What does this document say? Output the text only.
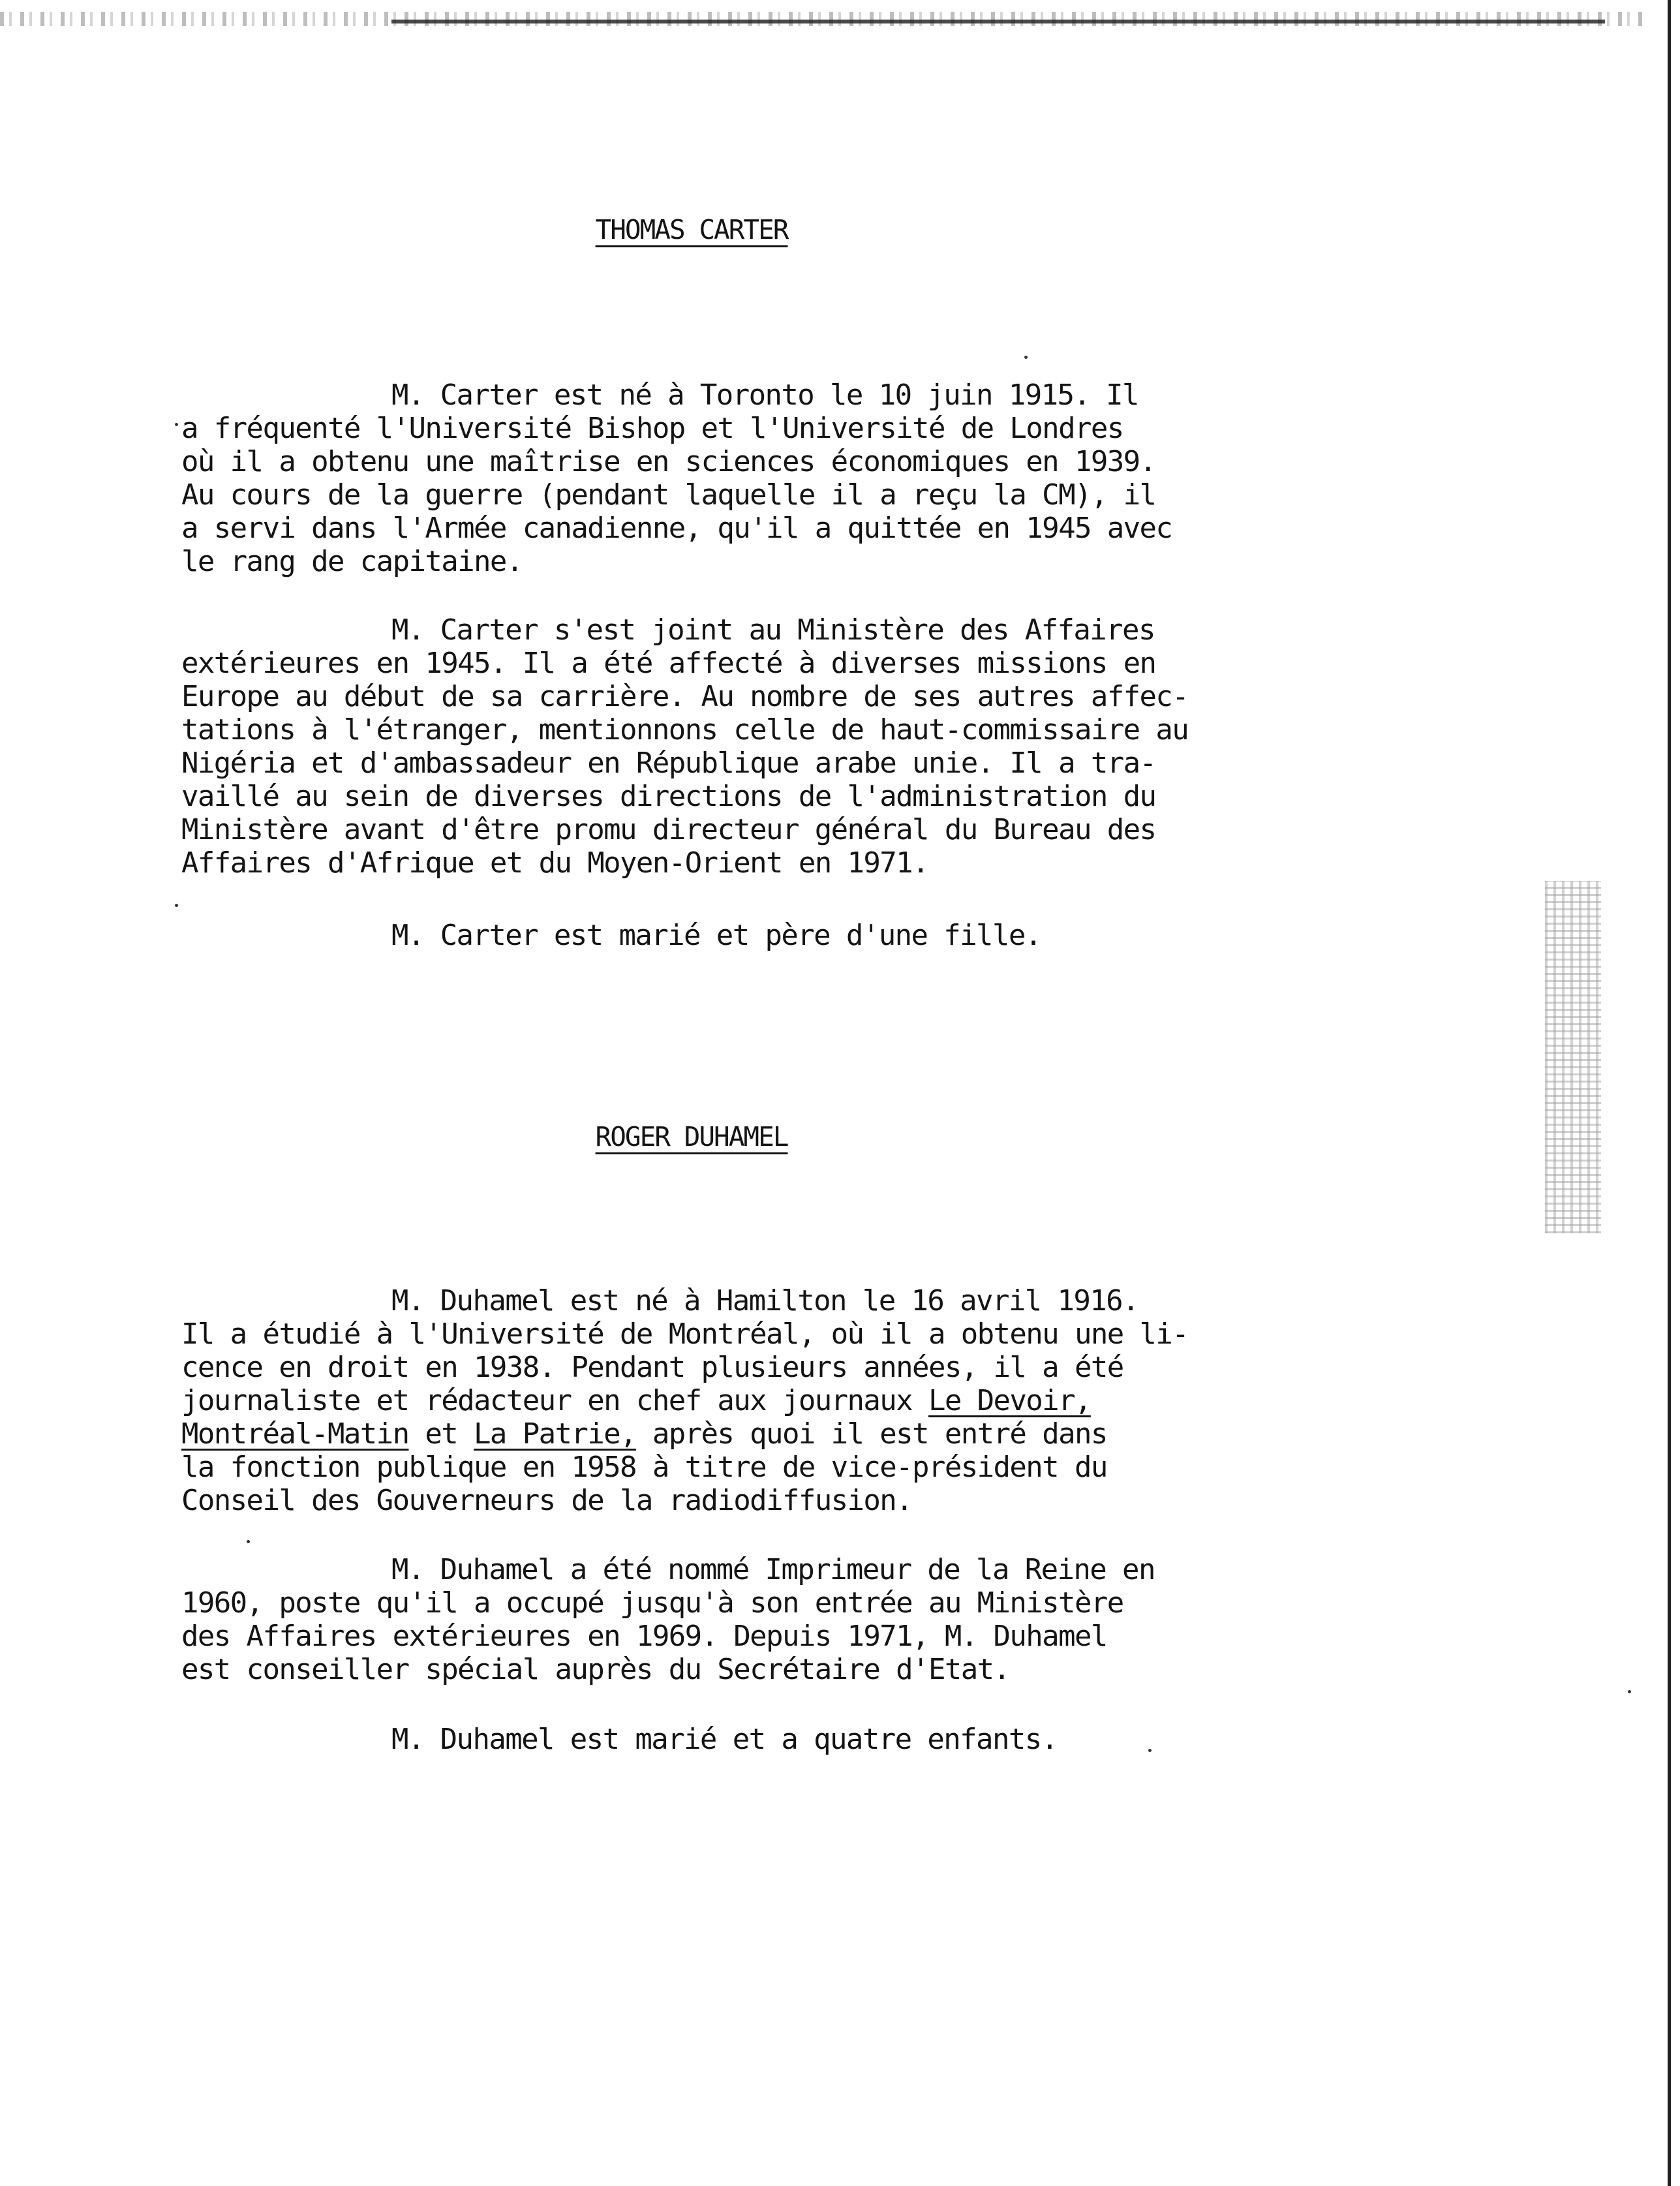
THOMAS CARTER

M. Carter est né à Toronto le 10 juin 1915. Il
a fréquenté l'Université Bishop et l'Université de Londres
où il a obtenu une maîtrise en sciences économiques en 1939.
Au cours de la guerre (pendant laquelle il a reçu la CM), il
a servi dans l'Armée canadienne, qu'il a quittée en 1945 avec
le rang de capitaine.

M. Carter s'est joint au Ministère des Affaires
extérieures en 1945. Il a été affecté à diverses missions en
Europe au début de sa carrière. Au nombre de ses autres affec-
tations à l'étranger, mentionnons celle de haut-commissaire au
Nigéria et d'ambassadeur en République arabe unie. Il a tra-
vaillé au sein de diverses directions de l'administration du
Ministère avant d'être promu directeur général du Bureau des
Affaires d'Afrique et du Moyen-Orient en 1971.

M. Carter est marié et père d'une fille.

ROGER DUHAMEL

M. Duhamel est né à Hamilton le 16 avril 1916.
Il a étudié à l'Université de Montréal, où il a obtenu une li-
cence en droit en 1938. Pendant plusieurs années, il a été
journaliste et rédacteur en chef aux journaux Le Devoir,
Montréal-Matin et La Patrie, après quoi il est entré dans
la fonction publique en 1958 à titre de vice-président du
Conseil des Gouverneurs de la radiodiffusion.

M. Duhamel a été nommé Imprimeur de la Reine en
1960, poste qu'il a occupé jusqu'à son entrée au Ministère
des Affaires extérieures en 1969. Depuis 1971, M. Duhamel
est conseiller spécial auprès du Secrétaire d'Etat.

M. Duhamel est marié et a quatre enfants.
